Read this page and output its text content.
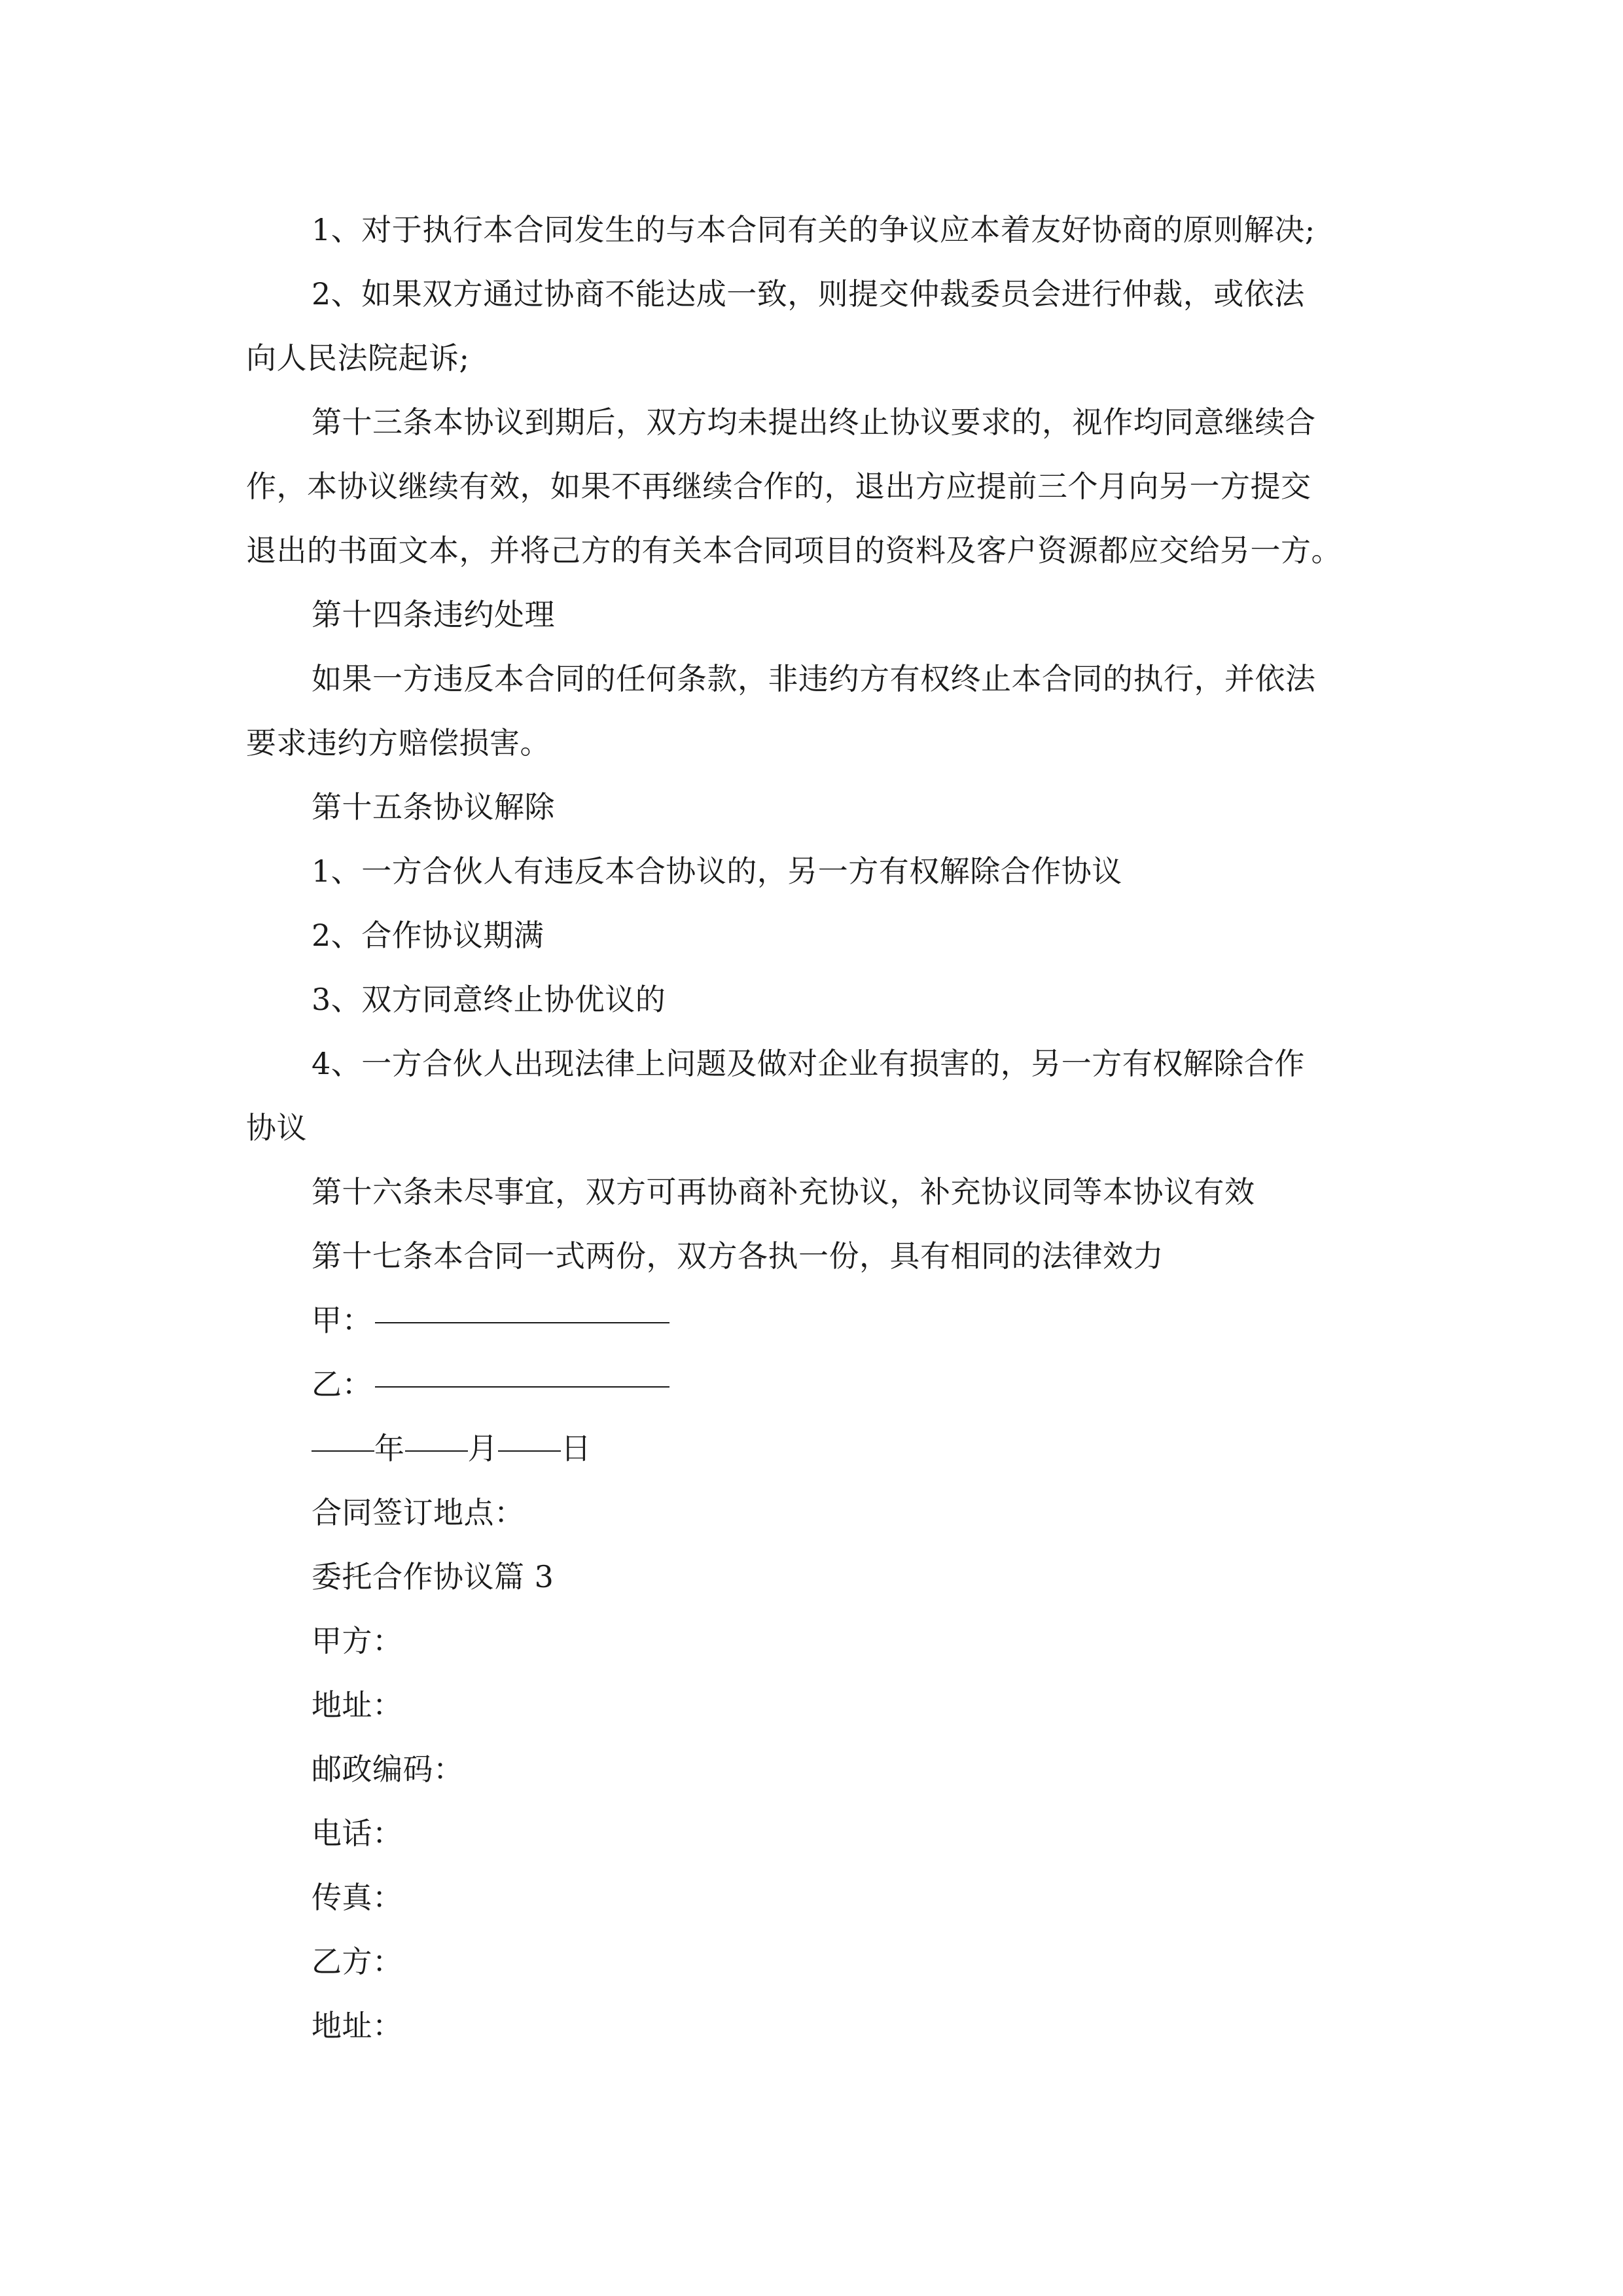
1、对于执行本合同发生的与本合同有关的争议应本着友好协商的原则解决;
2、如果双方通过协商不能达成一致，则提交仲裁委员会进行仲裁，或依法
向人民法院起诉;
第十三条本协议到期后，双方均未提出终止协议要求的，视作均同意继续合
作，本协议继续有效，如果不再继续合作的，退出方应提前三个月向另一方提交
退出的书面文本，并将己方的有关本合同项目的资料及客户资源都应交给另一方。
第十四条违约处理
如果一方违反本合同的任何条款，非违约方有权终止本合同的执行，并依法
要求违约方赔偿损害。
第十五条协议解除
1、一方合伙人有违反本合协议的，另一方有权解除合作协议
2、合作协议期满
3、双方同意终止协优议的
4、一方合伙人出现法律上问题及做对企业有损害的，另一方有权解除合作
协议
第十六条未尽事宜，双方可再协商补充协议，补充协议同等本协议有效
第十七条本合同一式两份，双方各执一份，具有相同的法律效力
甲：
乙：
年 月 日
合同签订地点：
委托合作协议篇 3
甲方：
地址：
邮政编码：
电话：
传真：
乙方：
地址：
